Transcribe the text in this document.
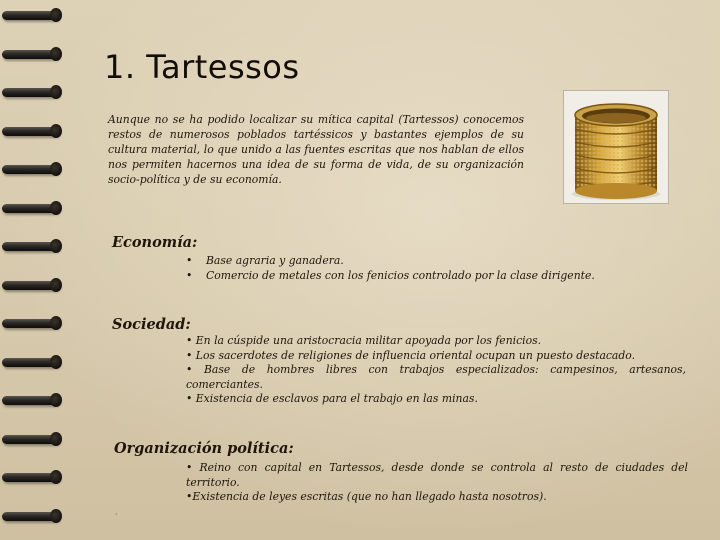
1. Tartessos

Aunque no se ha podido localizar su mítica capital (Tartessos) conocemos restos de numerosos poblados tartéssicos y bastantes ejemplos de su cultura material, lo que unido a las fuentes escritas que nos hablan de ellos nos permiten hacernos una idea de su forma de vida, de su organización socio-política y de su economía.

Economía:
• Base agraria y ganadera.
• Comercio de metales con los fenicios controlado por la clase dirigente.
Sociedad:
• En la cúspide una aristocracia militar apoyada por los fenicios.
• Los sacerdotes de religiones de influencia oriental ocupan un puesto destacado.
• Base de hombres libres con trabajos especializados: campesinos, artesanos, comerciantes.
• Existencia de esclavos para el trabajo en las minas.
Organización política:
• Reino con capital en Tartessos, desde donde se controla al resto de ciudades del territorio.
•Existencia de leyes escritas (que no han llegado hasta nosotros).
·
